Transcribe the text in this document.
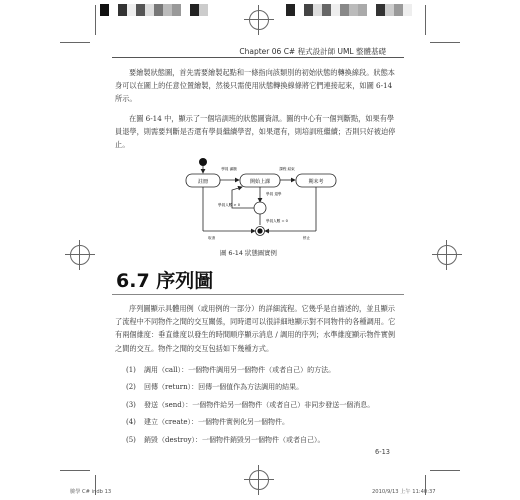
Chapter 06 C# 程式設計師 UML 整體基礎

要繪製狀態圖，首先需要繪製起點和一條指向該類別的初始狀態的轉換線段。狀態本身可以在圖上的任意位置繪製，然後只需使用狀態轉換線條將它們連接起來，如圖 6-14 所示。

在圖 6-14 中，顯示了一個培訓班的狀態圖資訊。圖的中心有一個判斷點，如果有學員退學，則需要判斷是否還有學員繼續學習，如果還有，則培訓班繼續；否則只好被迫停止。

註冊	開始上課	期末考
學員 滿額	課程 結束
學員 退學
學員人數 > 0
學員人數 = 0
取消	停止
圖 6-14 狀態圖實例
6.7 序列圖

序列圖顯示具體用例（或用例的一部分）的詳細流程。它幾乎是自描述的，並且顯示了流程中不同物件之間的交互關係，同時還可以很詳細地顯示對不同物件的各種調用。它有兩個維度：垂直維度以發生的時間順序顯示消息 / 調用的序列；水準維度顯示物件實例之間的交互。物件之間的交互包括如下幾種方式。

(1)	調用（call）：一個物件調用另一個物件（或者自己）的方法。
(2)	回傳（return）：回傳一個值作為方法調用的結果。
(3)	發送（send）：一個物件給另一個物件（或者自己）非同步發送一個消息。
(4)	建立（create）：一個物件實例化另一個物件。
(5)	銷毀（destroy）：一個物件銷毀另一個物件（或者自己）。
6-13
臉學 C# indb 13	2010/9/13 上午 11:40:37
